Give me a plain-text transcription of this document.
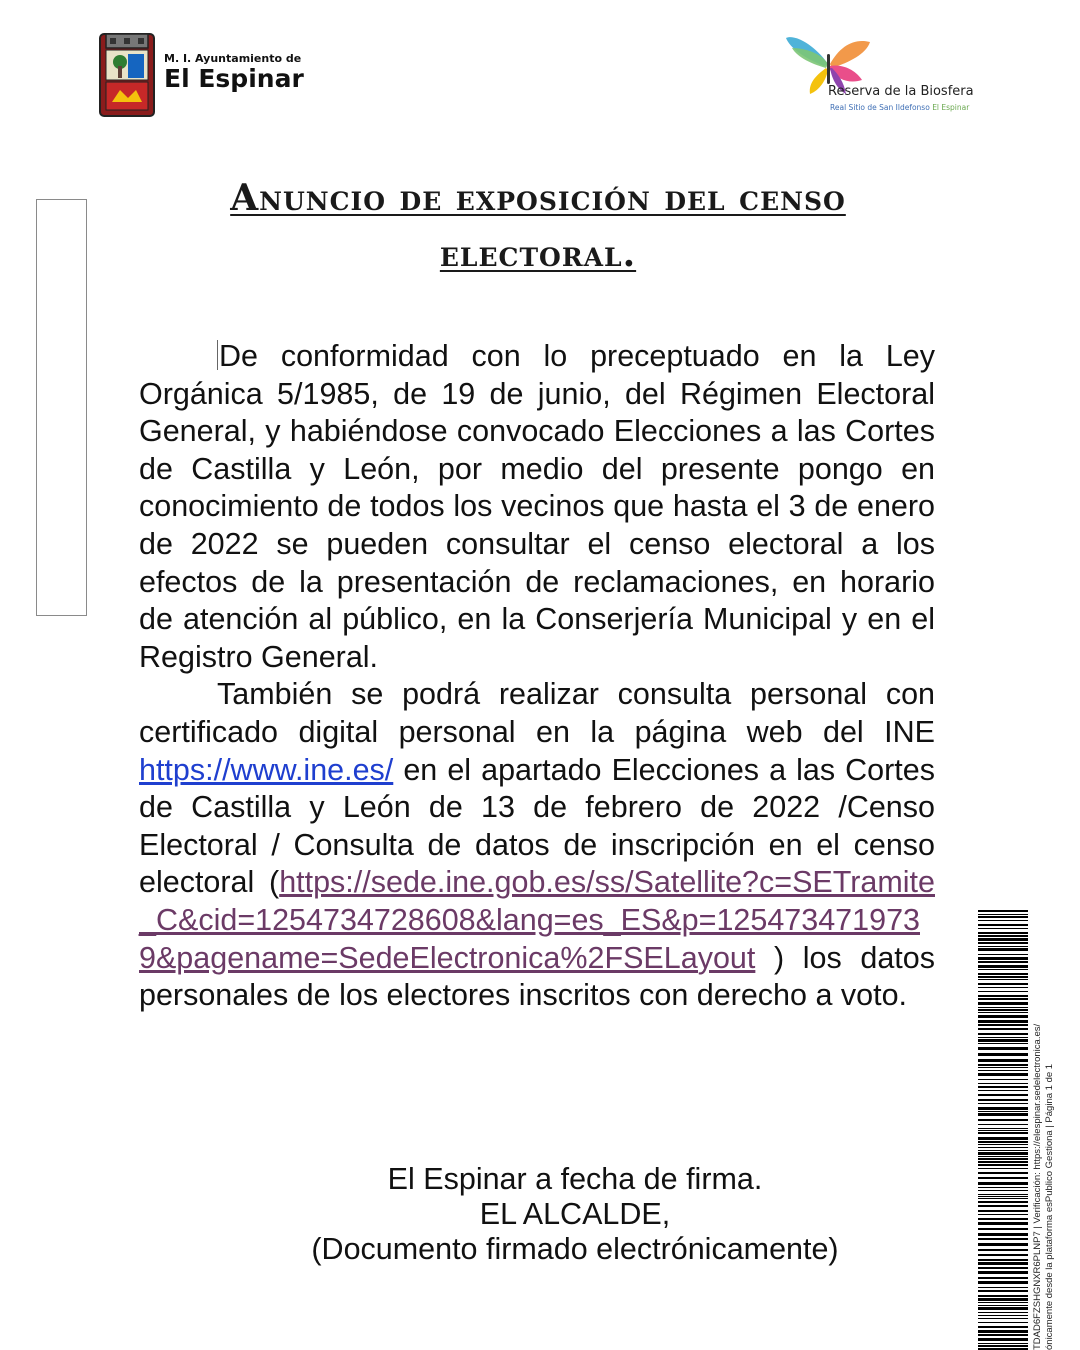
M. I. Ayuntamiento de
El Espinar	Reserva de la Biosfera
Real Sitio de San Ildefonso El Espinar
Anuncio de exposición del censo
electoral.

De conformidad con lo preceptuado en la Ley Orgánica 5/1985, de 19 de junio, del Régimen Electoral General, y habiéndose convocado Elecciones a las Cortes de Castilla y León, por medio del presente pongo en conocimiento de todos los vecinos que hasta el 3 de enero de 2022 se pueden consultar el censo electoral a los efectos de la presentación de reclamaciones, en horario de atención al público, en la Conserjería Municipal y en el Registro General.

También se podrá realizar consulta personal con certificado digital personal en la página web del INE https://www.ine.es/ en el apartado Elecciones a las Cortes de Castilla y León de 13 de febrero de 2022 /Censo Electoral / Consulta de datos de inscripción en el censo electoral (https://sede.ine.gob.es/ss/Satellite?c=SETramite_C&cid=1254734728608&lang=es_ES&p=1254734719739&pagename=SedeElectronica%2FSELayout ) los datos personales de los electores inscritos con derecho a voto.

El Espinar a fecha de firma.
EL ALCALDE,
(Documento firmado electrónicamente)	TDAD6FZSHGNXR6PLNP7 | Verificación: https://elespinar.sedelectronica.es/ ónicamente desde la plataforma esPublico Gestiona | Página 1 de 1
